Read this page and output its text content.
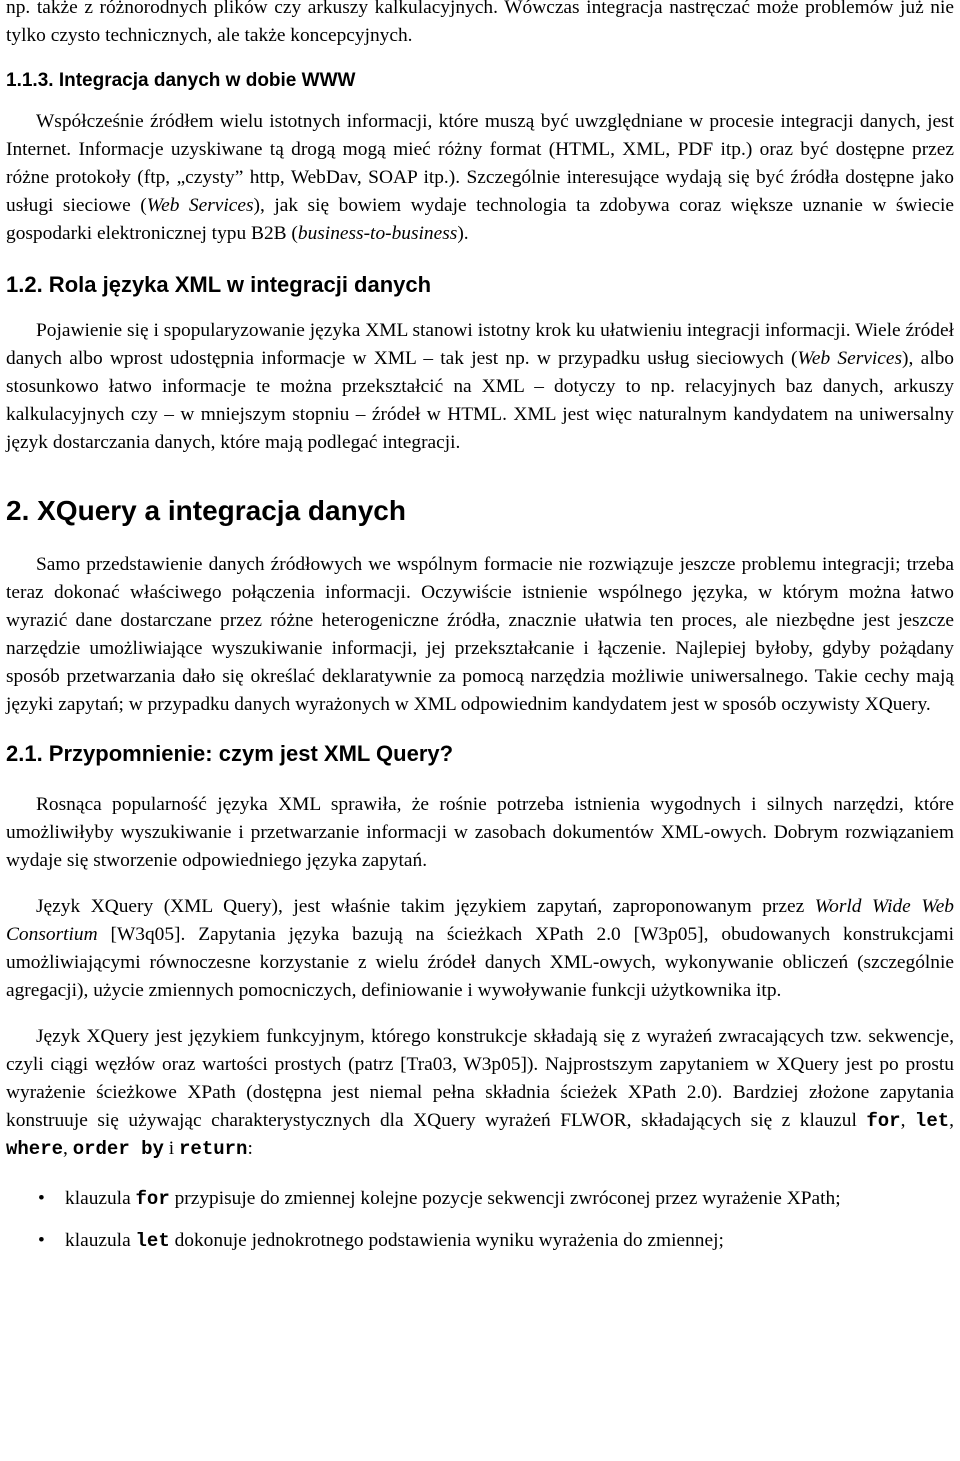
np. także z różnorodnych plików czy arkuszy kalkulacyjnych. Wówczas integracja nastręczać może problemów już nie tylko czysto technicznych, ale także koncepcyjnych.

1.1.3. Integracja danych w dobie WWW

Współcześnie źródłem wielu istotnych informacji, które muszą być uwzględniane w procesie integracji danych, jest Internet. Informacje uzyskiwane tą drogą mogą mieć różny format (HTML, XML, PDF itp.) oraz być dostępne przez różne protokoły (ftp, „czysty” http, WebDav, SOAP itp.). Szczególnie interesujące wydają się być źródła dostępne jako usługi sieciowe (Web Services), jak się bowiem wydaje technologia ta zdobywa coraz większe uznanie w świecie gospodarki elektronicznej typu B2B (business-to-business).

1.2. Rola języka XML w integracji danych

Pojawienie się i spopularyzowanie języka XML stanowi istotny krok ku ułatwieniu integracji informacji. Wiele źródeł danych albo wprost udostępnia informacje w XML – tak jest np. w przypadku usług sieciowych (Web Services), albo stosunkowo łatwo informacje te można przekształcić na XML – dotyczy to np. relacyjnych baz danych, arkuszy kalkulacyjnych czy – w mniejszym stopniu – źródeł w HTML. XML jest więc naturalnym kandydatem na uniwersalny język dostarczania danych, które mają podlegać integracji.

2. XQuery a integracja danych

Samo przedstawienie danych źródłowych we wspólnym formacie nie rozwiązuje jeszcze problemu integracji; trzeba teraz dokonać właściwego połączenia informacji. Oczywiście istnienie wspólnego języka, w którym można łatwo wyrazić dane dostarczane przez różne heterogeniczne źródła, znacznie ułatwia ten proces, ale niezbędne jest jeszcze narzędzie umożliwiające wyszukiwanie informacji, jej przekształcanie i łączenie. Najlepiej byłoby, gdyby pożądany sposób przetwarzania dało się określać deklaratywnie za pomocą narzędzia możliwie uniwersalnego. Takie cechy mają języki zapytań; w przypadku danych wyrażonych w XML odpowiednim kandydatem jest w sposób oczywisty XQuery.

2.1. Przypomnienie: czym jest XML Query?

Rosnąca popularność języka XML sprawiła, że rośnie potrzeba istnienia wygodnych i silnych narzędzi, które umożliwiłyby wyszukiwanie i przetwarzanie informacji w zasobach dokumentów XML-owych. Dobrym rozwiązaniem wydaje się stworzenie odpowiedniego języka zapytań.

Język XQuery (XML Query), jest właśnie takim językiem zapytań, zaproponowanym przez World Wide Web Consortium [W3q05]. Zapytania języka bazują na ścieżkach XPath 2.0 [W3p05], obudowanych konstrukcjami umożliwiającymi równoczesne korzystanie z wielu źródeł danych XML-owych, wykonywanie obliczeń (szczególnie agregacji), użycie zmiennych pomocniczych, definiowanie i wywoływanie funkcji użytkownika itp.

Język XQuery jest językiem funkcyjnym, którego konstrukcje składają się z wyrażeń zwracających tzw. sekwencje, czyli ciągi węzłów oraz wartości prostych (patrz [Tra03, W3p05]). Najprostszym zapytaniem w XQuery jest po prostu wyrażenie ścieżkowe XPath (dostępna jest niemal pełna składnia ścieżek XPath 2.0). Bardziej złożone zapytania konstruuje się używając charakterystycznych dla XQuery wyrażeń FLWOR, składających się z klauzul for, let, where, order by i return:

• klauzula for przypisuje do zmiennej kolejne pozycje sekwencji zwróconej przez wyrażenie XPath;
• klauzula let dokonuje jednokrotnego podstawienia wyniku wyrażenia do zmiennej;
